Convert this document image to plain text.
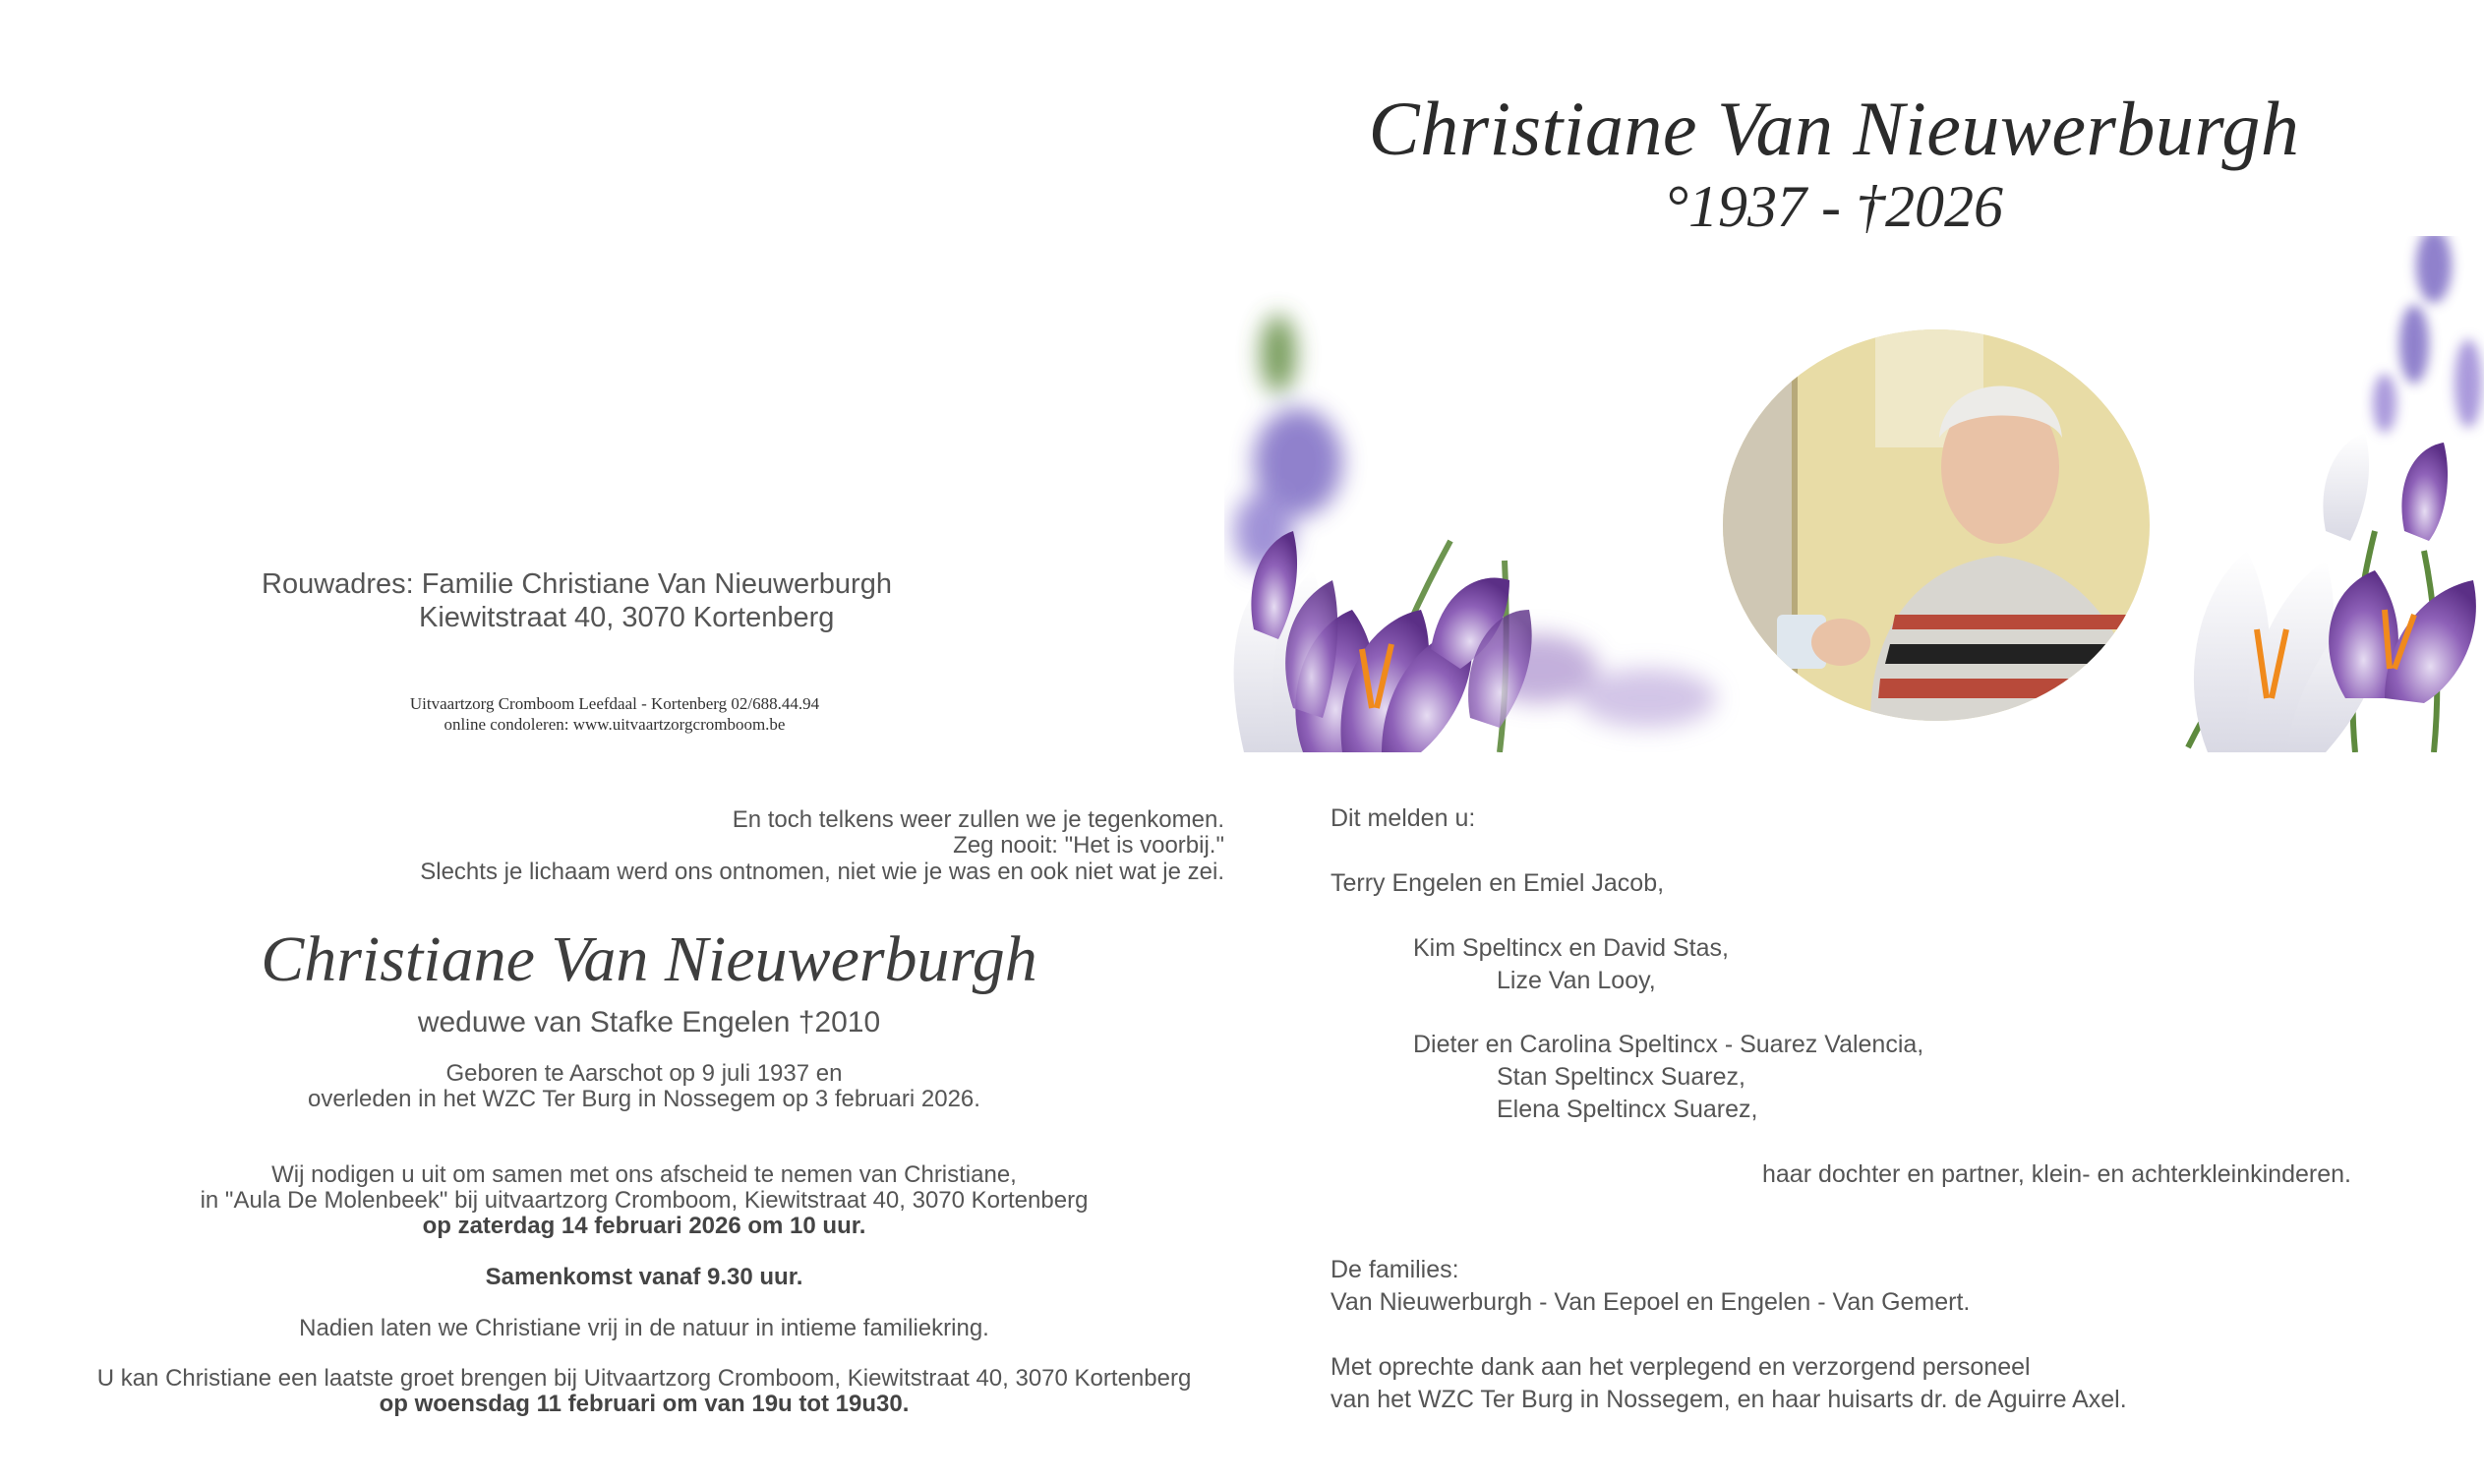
Christiane Van Nieuwerburgh
°1937 - †2026
Rouwadres: Familie Christiane Van Nieuwerburgh
Kiewitstraat 40, 3070 Kortenberg
Uitvaartzorg Cromboom Leefdaal - Kortenberg 02/688.44.94
online condoleren: www.uitvaartzorgcromboom.be
En toch telkens weer zullen we je tegenkomen.
Zeg nooit: "Het is voorbij."
Slechts je lichaam werd ons ontnomen, niet wie je was en ook niet wat je zei.
Christiane Van Nieuwerburgh
weduwe van Stafke Engelen †2010
Geboren te Aarschot op 9 juli 1937 en
overleden in het WZC Ter Burg in Nossegem op 3 februari 2026.
Wij nodigen u uit om samen met ons afscheid te nemen van Christiane,
in "Aula De Molenbeek" bij uitvaartzorg Cromboom, Kiewitstraat 40, 3070 Kortenberg
op zaterdag 14 februari 2026 om 10 uur.
Samenkomst vanaf 9.30 uur.
Nadien laten we Christiane vrij in de natuur in intieme familiekring.
U kan Christiane een laatste groet brengen bij Uitvaartzorg Cromboom, Kiewitstraat 40, 3070 Kortenberg
op woensdag 11 februari om van 19u tot 19u30.
Dit melden u:
Terry Engelen en Emiel Jacob,
Kim Speltincx en David Stas,
Lize Van Looy,
Dieter en Carolina Speltincx - Suarez Valencia,
Stan Speltincx Suarez,
Elena Speltincx Suarez,
haar dochter en partner, klein- en achterkleinkinderen.
De families:
Van Nieuwerburgh - Van Eepoel en Engelen - Van Gemert.
Met oprechte dank aan het verplegend en verzorgend personeel
van het WZC Ter Burg in Nossegem, en haar huisarts dr. de Aguirre Axel.
